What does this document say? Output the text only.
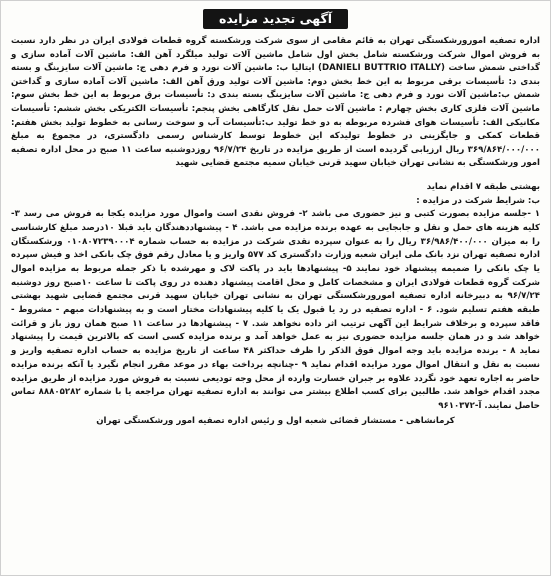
آگهی تجدید مزایده

اداره تصفیه امورورشکستگی تهران به قائم مقامی از سوی شرکت ورشکسته گروه قطعات فولادی ایران در نظر دارد نسبت به فروش اموال شرکت ورشکسته شامل بخش اول شامل ماشین آلات تولید میلگرد آهن الف: ماشین آلات آماده سازی و گداختی شمش ساخت (DANIELI BUTTRIO ITALLY) ایتالیا ب: ماشین آلات نورد و فرم دهی ج: ماشین آلات سایزینگ و بسته بندی د: تأسیسات برقی مربوط به این خط بخش دوم: ماشین آلات تولید ورق آهن الف: ماشین آلات آماده سازی و گداختن شمش ب:ماشین آلات نورد و فرم دهی ج: ماشین آلات سایزینگ بسته بندی د: تأسیسات برق مربوط به این خط بخش سوم: ماشین آلات فلزی کاری بخش چهارم : ماشین آلات حمل نقل کارگاهی بخش پنجم: تأسیسات الکتریکی بخش ششم: تأسیسات مکانیکی الف: تأسیسات هوای فشرده مربوطه به دو خط تولید ب:تأسیسات آب و سوخت رسانی به خطوط تولید بخش هفتم: قطعات کمکی و جایگزینی در خطوط تولیدکه این خطوط توسط کارشناس رسمی دادگستری، در مجموع به مبلغ ۳۶۹/۸۶۴/۰۰۰/۰۰۰ ریال ارزیابی گردیده است از طریق مزایده در تاریخ ۹۶/۷/۲۴ روزدوشنبه ساعت ۱۱ صبح در محل اداره تصفیه امور ورشکستگی به نشانی تهران خیابان سهید قرنی خیابان سمیه مجتمع قضایی شهید

بهشتی طبقه ۷ اقدام نماید

ب: شرایط شرکت در مزایده :

۱ -جلسه مزایده بصورت کتبی و نیز حضوری می باشد ۲- فروش نقدی است واموال مورد مزایده یکجا به فروش می رسد ۳-کلیه هزینه های حمل و نقل و جابجایی به عهده برنده مزایده می باشد. ۴ - پیشنهاددهندگان باید قبلا ۱۰درصد مبلغ کارشناسی را به میزان ۳۶/۹۸۶/۴۰۰/۰۰۰ ریال را به عنوان سپرده نقدی شرکت در مزایده به حساب شماره ۰۱۰۸۰۷۲۳۹۰۰۰۴ ورشکستگان اداره تصفیه تهران نزد بانک ملی ایران شعبه وزارت دادگستری کد ۵۷۷ واریز و یا معادل رقم فوق چک بانکی اخذ و فیش سپرده یا چک بانکی را ضمیمه پیشنهاد خود نمایند ۵- پیشنهادها باید در پاکت لاک و مهرشده با ذکر جمله مربوط به مزایده اموال شرکت گروه قطعات فولادی ایران و مشخصات کامل و محل اقامت پیشنهاد دهنده در روی پاکت تا ساعت ۱۰صبح روز دوشنبه ۹۶/۷/۲۴ به دبیرخانه اداره تصفیه امورورشکستگی تهران به نشانی تهران خیابان سهید قرنی مجتمع قضایی شهید بهشتی طبقه هفتم تسلیم شود. ۶ - اداره تصفیه در رد یا قبول یک یا کلیه پیشنهادات مختار است و به پیشنهادات مبهم - مشروط - فاقد سپرده و برخلاف شرایط این آگهی ترتیب اثر داده نخواهد شد. ۷ - پیشنهادها در ساعت ۱۱ صبح همان روز باز و قرائت خواهد شد و در همان جلسه مزایده حضوری نیز به عمل خواهد آمد و برنده مزایده کسی است که بالاترین قیمت را پیشنهاد نماید ۸ - برنده مزایده باید وجه اموال فوق الذکر را ظرف حداکثر ۴۸ ساعت از تاریخ مزایده به حساب اداره تصفیه واریز و نسبت به نقل و انتقال اموال مورد مزایده اقدام نماید ۹ -چنانچه برداخت بهاء در موعد مقرر انجام نگیرد یا آنکه برنده مزایده حاضر به اجاره تعهد خود نگردد علاوه بر جبران خسارت وارده از محل وجه تودیعی نسبت به فروش مورد مزایده از طریق مزایده مجدد اقدام خواهد شد. طالبین برای کسب اطلاع بیشتر می توانند به اداره تصفیه تهران مراجعه یا با شماره ۸۸۸۰۵۲۸۲ تماس حاصل نمایند. آ-۹۶۱۰۳۷۲

کرمانشاهی - مستشار قضائی شعبه اول و رئیس اداره تصفیه امور ورشکستگی تهران
